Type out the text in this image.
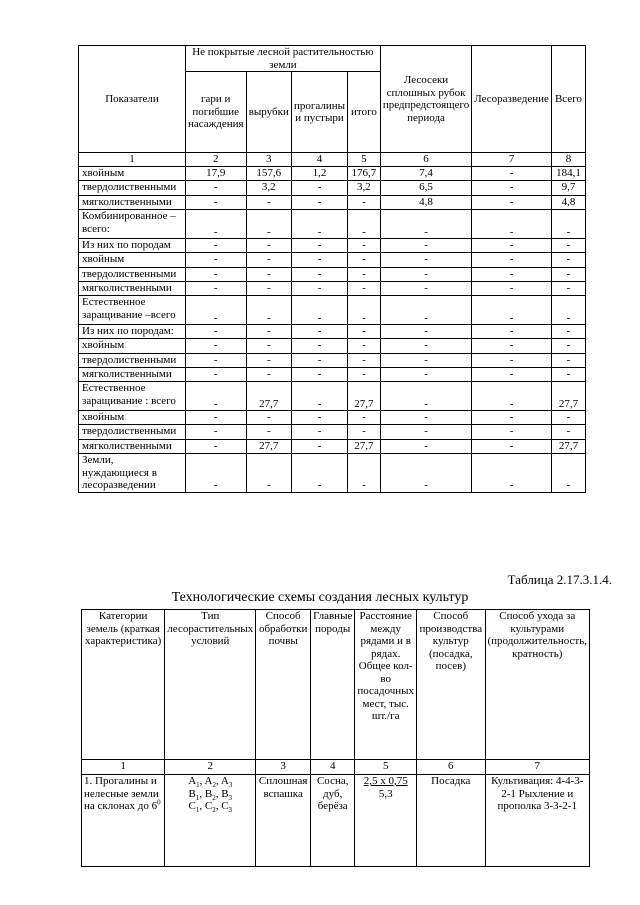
Показатели	Не покрытые лесной растительностью земли				Лесосеки сплошных рубок предпредстоящего периода	Лесоразведение	Всего
	гари и погибшие насаждения	вырубки	прогалины и пустыри	итого			
1	2	3	4	5	6	7	8
хвойным	17,9	157,6	1,2	176,7	7,4	-	184,1
твердолиственными	-	3,2	-	3,2	6,5	-	9,7
мягколиственными	-	-	-	-	4,8	-	4,8
Комбинированное – всего:	-	-	-	-	-	-	-
Из них по породам	-	-	-	-	-	-	-
хвойным	-	-	-	-	-	-	-
твердолиственными	-	-	-	-	-	-	-
мягколиственными	-	-	-	-	-	-	-
Естественное заращивание –всего	-	-	-	-	-	-	-
Из них по породам:	-	-	-	-	-	-	-
хвойным	-	-	-	-	-	-	-
твердолиственными	-	-	-	-	-	-	-
мягколиственными	-	-	-	-	-	-	-
Естественное заращивание : всего	-	27,7	-	27,7	-	-	27,7
хвойным	-	-	-	-	-	-	-
твердолиственными	-	-	-	-	-	-	-
мягколиственными	-	27,7	-	27,7	-	-	27,7
Земли, нуждающиеся в лесоразведении	-	-	-	-	-	-	-
Таблица 2.17.3.1.4.
Технологические схемы создания лесных культур
Категории земель (краткая характеристика)	Тип лесорастительных условий	Способ обработки почвы	Главные породы	Расстояние между рядами и в рядах. Общее кол-во посадочных мест, тыс. шт./га	Способ производства культур (посадка, посев)	Способ ухода за культурами (продолжительность, кратность)
1	2	3	4	5	6	7
1. Прогалины и нелесные земли на склонах до $6^0$	$A_1$, $A_2$, $A_3$
$B_1$, $B_2$, $B_3$
$C_1$, $C_2$, $C_3$	Сплошная вспашка	Сосна, дуб, берёза	2,5 х 0,75
5,3	Посадка	Культивация: 4-4-3-2-1 Рыхление и прополка 3-3-2-1
